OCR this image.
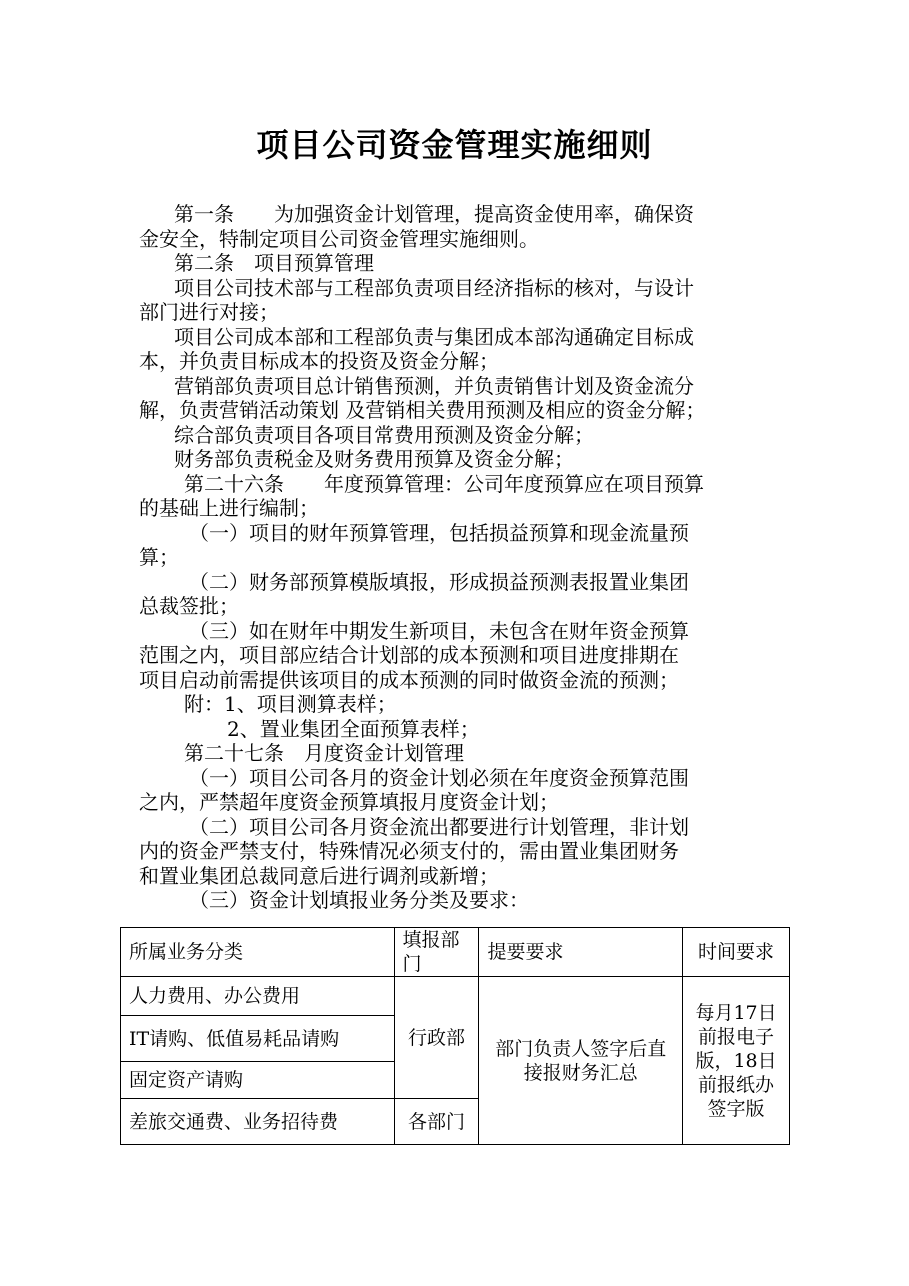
项目公司资金管理实施细则

第一条　　为加强资金计划管理，提高资金使用率，确保资

金安全，特制定项目公司资金管理实施细则。

第二条　项目预算管理

项目公司技术部与工程部负责项目经济指标的核对，与设计

部门进行对接；

项目公司成本部和工程部负责与集团成本部沟通确定目标成

本，并负责目标成本的投资及资金分解；

营销部负责项目总计销售预测，并负责销售计划及资金流分

解，负责营销活动策划 及营销相关费用预测及相应的资金分解；

综合部负责项目各项目常费用预测及资金分解；

财务部负责税金及财务费用预算及资金分解；

第二十六条　　年度预算管理：公司年度预算应在项目预算

的基础上进行编制；

（一）项目的财年预算管理，包括损益预算和现金流量预

算；

（二）财务部预算模版填报，形成损益预测表报置业集团

总裁签批；

（三）如在财年中期发生新项目，未包含在财年资金预算

范围之内，项目部应结合计划部的成本预测和项目进度排期在

项目启动前需提供该项目的成本预测的同时做资金流的预测；

附：1、项目测算表样；

2、置业集团全面预算表样；

第二十七条　月度资金计划管理

（一）项目公司各月的资金计划必须在年度资金预算范围

之内，严禁超年度资金预算填报月度资金计划；

（二）项目公司各月资金流出都要进行计划管理，非计划

内的资金严禁支付，特殊情况必须支付的，需由置业集团财务

和置业集团总裁同意后进行调剂或新增；

（三）资金计划填报业务分类及要求：

所属业务分类	填报部门	提要要求	时间要求
人力费用、办公费用	行政部	部门负责人签字后直接报财务汇总	每月17日前报电子版，18日前报纸办签字版
IT请购、低值易耗品请购			
固定资产请购			
差旅交通费、业务招待费	各部门		
